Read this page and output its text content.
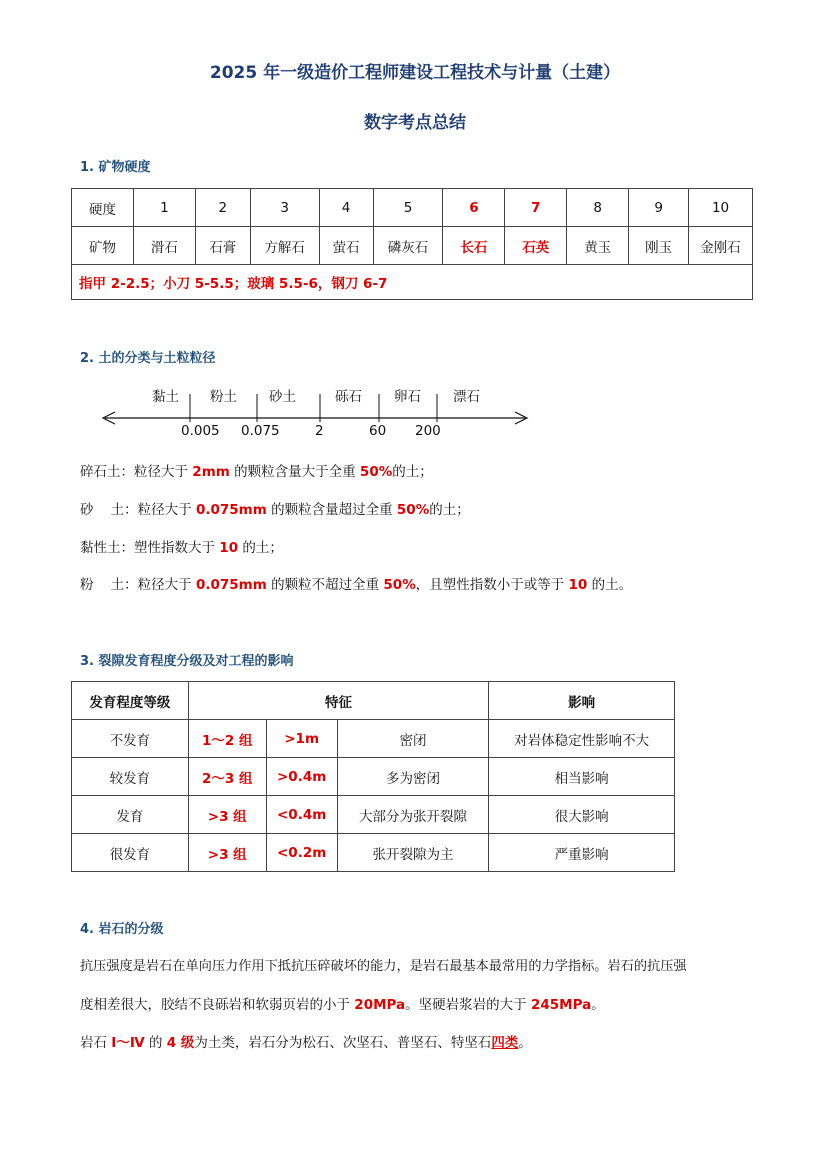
2025 年一级造价工程师建设工程技术与计量（土建）
数字考点总结
1. 矿物硬度
硬度	1	2	3	4	5	6	7	8	9	10
矿物	滑石	石膏	方解石	萤石	磷灰石	长石	石英	黄玉	刚玉	金刚石
指甲 2-2.5；小刀 5-5.5；玻璃 5.5-6，钢刀 6-7										
2. 土的分类与土粒粒径
黏土 粉土 砂土	砾石 卵石 漂石
0.005 0.075	2	60 200
碎石土：粒径大于 2mm 的颗粒含量大于全重 50%的土；
砂    土：粒径大于 0.075mm 的颗粒含量超过全重 50%的土；
黏性土：塑性指数大于 10 的土；
粉    土：粒径大于 0.075mm 的颗粒不超过全重 50%，且塑性指数小于或等于 10 的土。
3. 裂隙发育程度分级及对工程的影响
发育程度等级	特征			影响
不发育	1～2 组	>1m	密闭	对岩体稳定性影响不大
较发育	2～3 组	>0.4m	多为密闭	相当影响
发育	>3 组	<0.4m	大部分为张开裂隙	很大影响
很发育	>3 组	<0.2m	张开裂隙为主	严重影响
4. 岩石的分级
抗压强度是岩石在单向压力作用下抵抗压碎破坏的能力，是岩石最基本最常用的力学指标。岩石的抗压强
度相差很大，胶结不良砾岩和软弱页岩的小于 20MPa。坚硬岩浆岩的大于 245MPa。
岩石 Ⅰ～Ⅳ 的 4 级为土类，岩石分为松石、次坚石、普坚石、特坚石四类。
